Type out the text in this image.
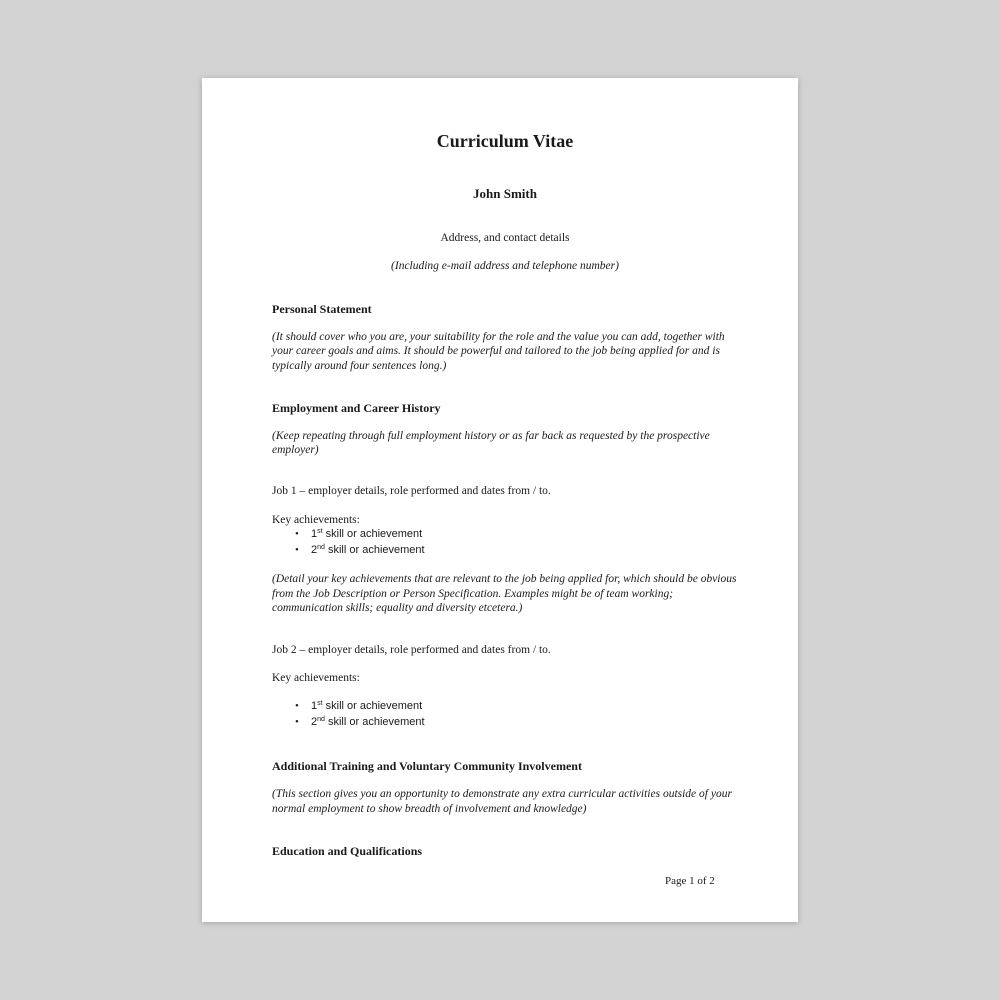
Curriculum Vitae
John Smith
Address, and contact details
(Including e-mail address and telephone number)
Personal Statement
(It should cover who you are, your suitability for the role and the value you can add, together with your career goals and aims. It should be powerful and tailored to the job being applied for and is typically around four sentences long.)
Employment and Career History
(Keep repeating through full employment history or as far back as requested by the prospective employer)
Job 1 – employer details, role performed and dates from / to.
Key achievements:
•	1st skill or achievement
•	2nd skill or achievement
(Detail your key achievements that are relevant to the job being applied for, which should be obvious from the Job Description or Person Specification. Examples might be of team working; communication skills; equality and diversity etcetera.)
Job 2 – employer details, role performed and dates from / to.
Key achievements:
•	1st skill or achievement
•	2nd skill or achievement
Additional Training and Voluntary Community Involvement
(This section gives you an opportunity to demonstrate any extra curricular activities outside of your normal employment to show breadth of involvement and knowledge)
Education and Qualifications
Page 1 of 2
